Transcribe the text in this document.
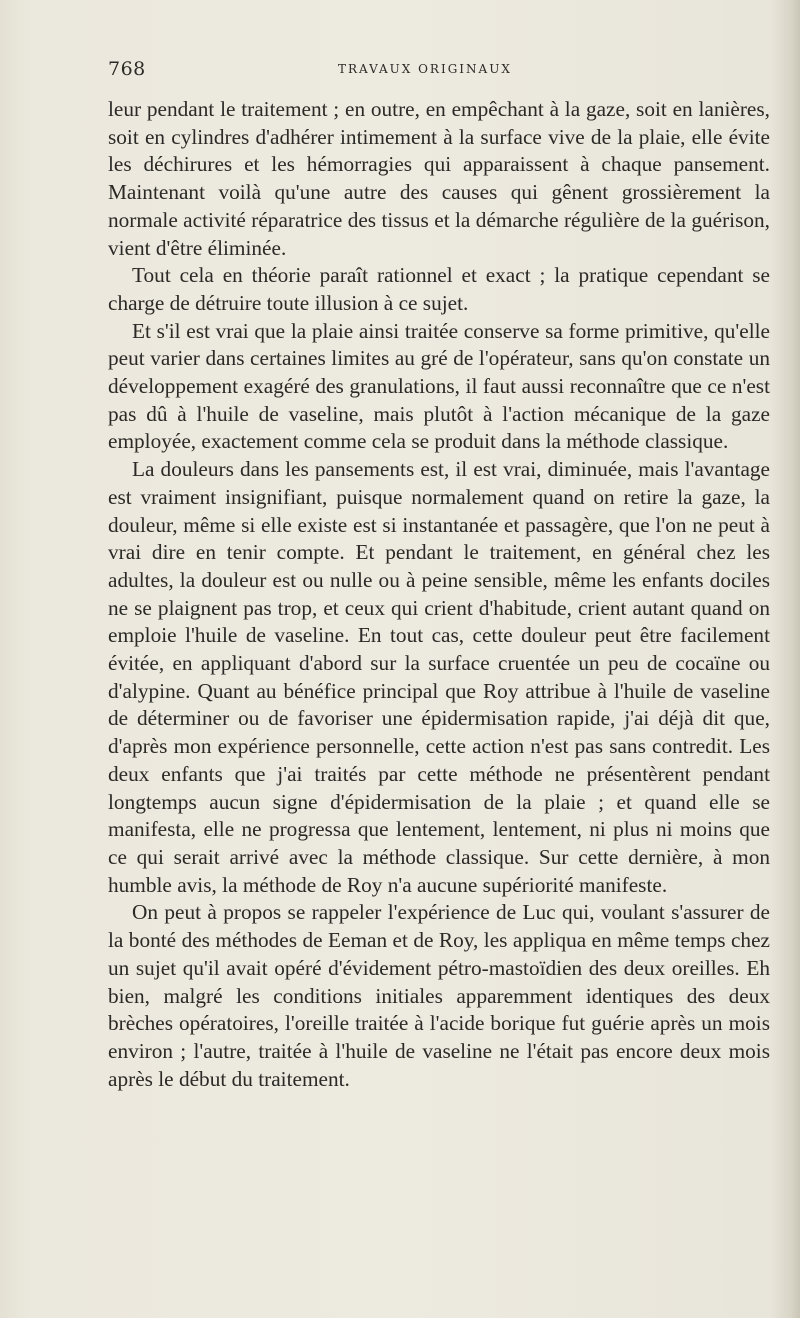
768	TRAVAUX ORIGINAUX

leur pendant le traitement ; en outre, en empêchant à la gaze, soit en lanières, soit en cylindres d'adhérer intimement à la surface vive de la plaie, elle évite les déchirures et les hémorragies qui apparaissent à chaque pansement. Maintenant voilà qu'une autre des causes qui gênent grossièrement la normale activité réparatrice des tissus et la démarche régulière de la guérison, vient d'être éliminée.

Tout cela en théorie paraît rationnel et exact ; la pratique cependant se charge de détruire toute illusion à ce sujet.

Et s'il est vrai que la plaie ainsi traitée conserve sa forme primitive, qu'elle peut varier dans certaines limites au gré de l'opérateur, sans qu'on constate un développement exagéré des granulations, il faut aussi reconnaître que ce n'est pas dû à l'huile de vaseline, mais plutôt à l'action mécanique de la gaze employée, exactement comme cela se produit dans la méthode classique.

La douleurs dans les pansements est, il est vrai, diminuée, mais l'avantage est vraiment insignifiant, puisque normalement quand on retire la gaze, la douleur, même si elle existe est si instantanée et passagère, que l'on ne peut à vrai dire en tenir compte. Et pendant le traitement, en général chez les adultes, la douleur est ou nulle ou à peine sensible, même les enfants dociles ne se plaignent pas trop, et ceux qui crient d'habitude, crient autant quand on emploie l'huile de vaseline. En tout cas, cette douleur peut être facilement évitée, en appliquant d'abord sur la surface cruentée un peu de cocaïne ou d'alypine. Quant au bénéfice principal que Roy attribue à l'huile de vaseline de déterminer ou de favoriser une épidermisation rapide, j'ai déjà dit que, d'après mon expérience personnelle, cette action n'est pas sans contredit. Les deux enfants que j'ai traités par cette méthode ne présentèrent pendant longtemps aucun signe d'épidermisation de la plaie ; et quand elle se manifesta, elle ne progressa que lentement, lentement, ni plus ni moins que ce qui serait arrivé avec la méthode classique. Sur cette dernière, à mon humble avis, la méthode de Roy n'a aucune supériorité manifeste.

On peut à propos se rappeler l'expérience de Luc qui, voulant s'assurer de la bonté des méthodes de Eeman et de Roy, les appliqua en même temps chez un sujet qu'il avait opéré d'évidement pétro-mastoïdien des deux oreilles. Eh bien, malgré les conditions initiales apparemment identiques des deux brèches opératoires, l'oreille traitée à l'acide borique fut guérie après un mois environ ; l'autre, traitée à l'huile de vaseline ne l'était pas encore deux mois après le début du traitement.
